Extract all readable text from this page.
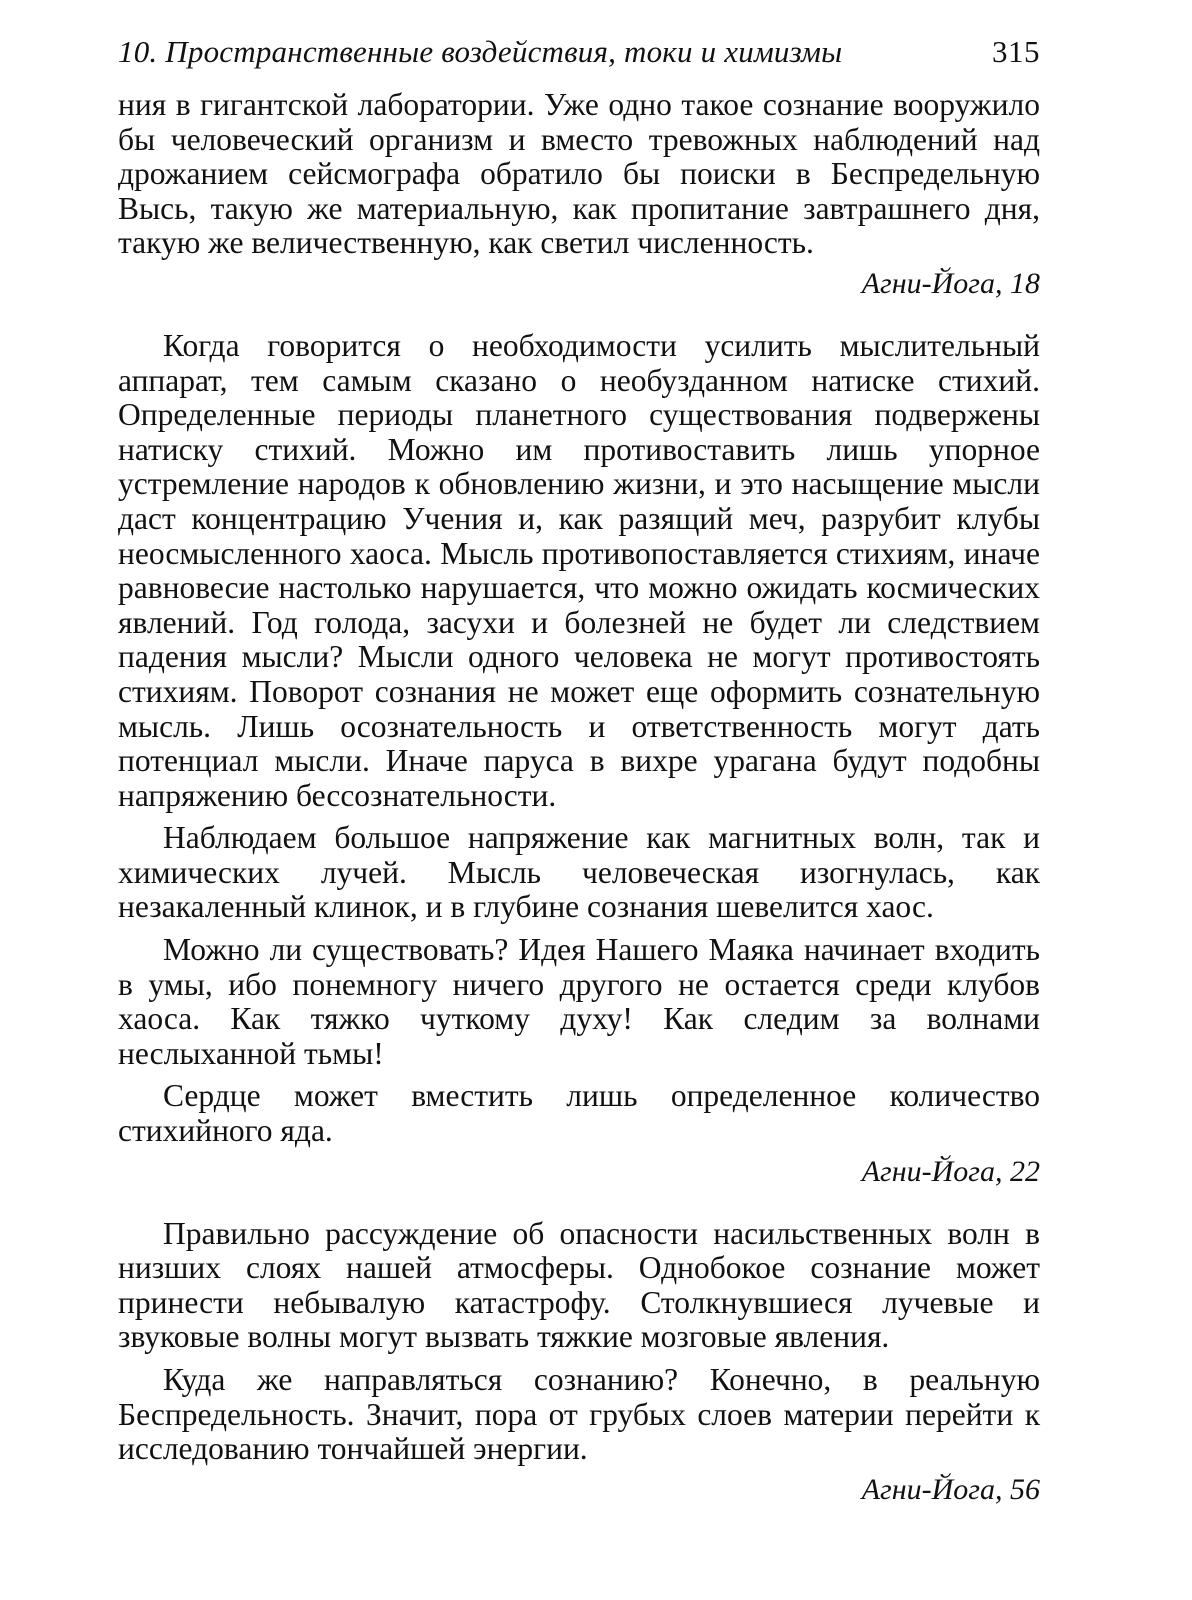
10. Пространственные воздействия, токи и химизмы	315

ния в гигантской лаборатории. Уже одно такое сознание вооружило бы человеческий организм и вместо тревожных наблюдений над дрожанием сейсмографа обратило бы поиски в Беспредельную Высь, такую же материальную, как пропитание завтрашнего дня, такую же величественную, как светил численность.

Агни-Йога, 18

Когда говорится о необходимости усилить мыслительный аппарат, тем самым сказано о необузданном натиске стихий. Определенные периоды планетного существования подвержены натиску стихий. Можно им противоставить лишь упорное устремление народов к обновлению жизни, и это насыщение мысли даст концентрацию Учения и, как разящий меч, разрубит клубы неосмысленного хаоса. Мысль противопоставляется стихиям, иначе равновесие настолько нарушается, что можно ожидать космических явлений. Год голода, засухи и болезней не будет ли следствием падения мысли? Мысли одного человека не могут противостоять стихиям. Поворот сознания не может еще оформить сознательную мысль. Лишь осознательность и ответственность могут дать потенциал мысли. Иначе паруса в вихре урагана будут подобны напряжению бессознательности.

Наблюдаем большое напряжение как магнитных волн, так и химических лучей. Мысль человеческая изогнулась, как незакаленный клинок, и в глубине сознания шевелится хаос.

Можно ли существовать? Идея Нашего Маяка начинает входить в умы, ибо понемногу ничего другого не остается среди клубов хаоса. Как тяжко чуткому духу! Как следим за волнами неслыханной тьмы!

Сердце может вместить лишь определенное количество стихийного яда.

Агни-Йога, 22

Правильно рассуждение об опасности насильственных волн в низших слоях нашей атмосферы. Однобокое сознание может принести небывалую катастрофу. Столкнувшиеся лучевые и звуковые волны могут вызвать тяжкие мозговые явления.

Куда же направляться сознанию? Конечно, в реальную Беспредельность. Значит, пора от грубых слоев материи перейти к исследованию тончайшей энергии.

Агни-Йога, 56
